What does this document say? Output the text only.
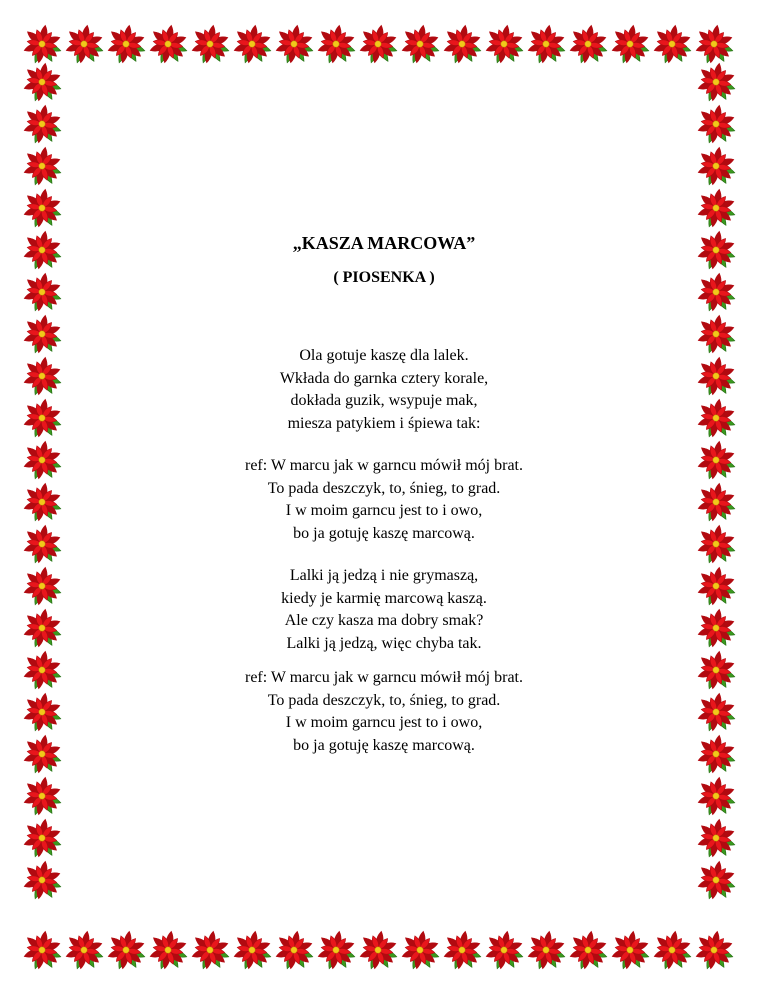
„KASZA MARCOWA”
( PIOSENKA )
Ola gotuje kaszę dla lalek.
Wkłada do garnka cztery korale,
dokłada guzik, wsypuje mak,
miesza patykiem i śpiewa tak:
ref: W marcu jak w garncu mówił mój brat.
To pada deszczyk, to, śnieg, to grad.
I w moim garncu jest to i owo,
bo ja gotuję kaszę marcową.
Lalki ją jedzą i nie grymaszą,
kiedy je karmię marcową kaszą.
Ale czy kasza ma dobry smak?
Lalki ją jedzą, więc chyba tak.
ref: W marcu jak w garncu mówił mój brat.
To pada deszczyk, to, śnieg, to grad.
I w moim garncu jest to i owo,
bo ja gotuję kaszę marcową.
